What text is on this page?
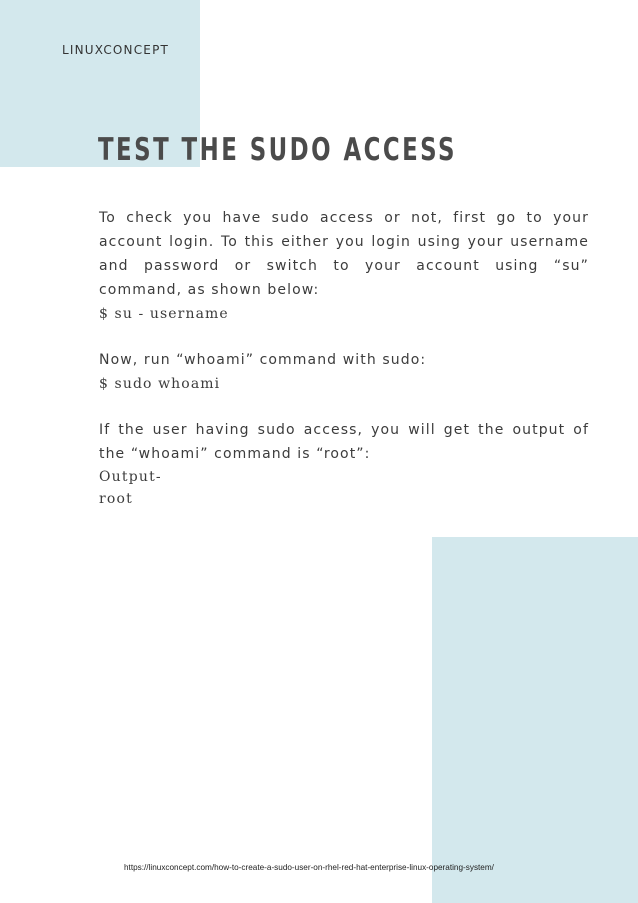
LINUXCONCEPT
TEST THE SUDO ACCESS

To check you have sudo access or not, first go to your account login. To this either you login using your username and password or switch to your account using “su” command, as shown below:

$ su - username

Now, run “whoami” command with sudo:

$ sudo whoami

If the user having sudo access, you will get the output of the “whoami” command is “root”:

Output-

root

https://linuxconcept.com/how-to-create-a-sudo-user-on-rhel-red-hat-enterprise-linux-operating-system/
